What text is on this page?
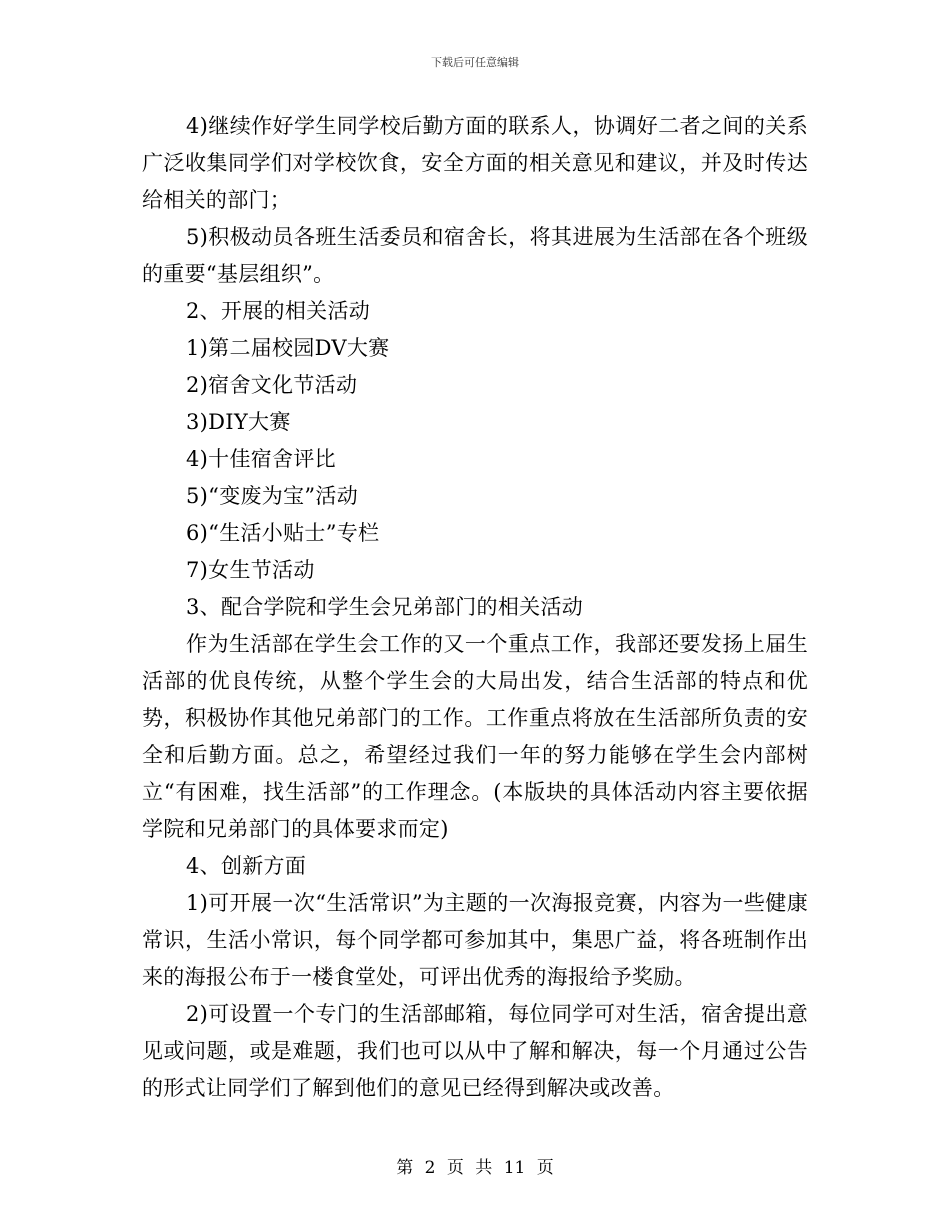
下载后可任意编辑

4)继续作好学生同学校后勤方面的联系人，协调好二者之间的关系广泛收集同学们对学校饮食，安全方面的相关意见和建议，并及时传达给相关的部门；

5)积极动员各班生活委员和宿舍长，将其进展为生活部在各个班级的重要“基层组织”。

2、开展的相关活动

1)第二届校园DV大赛

2)宿舍文化节活动

3)DIY大赛

4)十佳宿舍评比

5)“变废为宝”活动

6)“生活小贴士”专栏

7)女生节活动

3、配合学院和学生会兄弟部门的相关活动

作为生活部在学生会工作的又一个重点工作，我部还要发扬上届生活部的优良传统，从整个学生会的大局出发，结合生活部的特点和优势，积极协作其他兄弟部门的工作。工作重点将放在生活部所负责的安全和后勤方面。总之，希望经过我们一年的努力能够在学生会内部树立“有困难，找生活部”的工作理念。(本版块的具体活动内容主要依据学院和兄弟部门的具体要求而定)

4、创新方面

1)可开展一次“生活常识”为主题的一次海报竞赛，内容为一些健康常识，生活小常识，每个同学都可参加其中，集思广益，将各班制作出来的海报公布于一楼食堂处，可评出优秀的海报给予奖励。

2)可设置一个专门的生活部邮箱，每位同学可对生活，宿舍提出意见或问题，或是难题，我们也可以从中了解和解决，每一个月通过公告的形式让同学们了解到他们的意见已经得到解决或改善。

第 2 页 共 11 页
